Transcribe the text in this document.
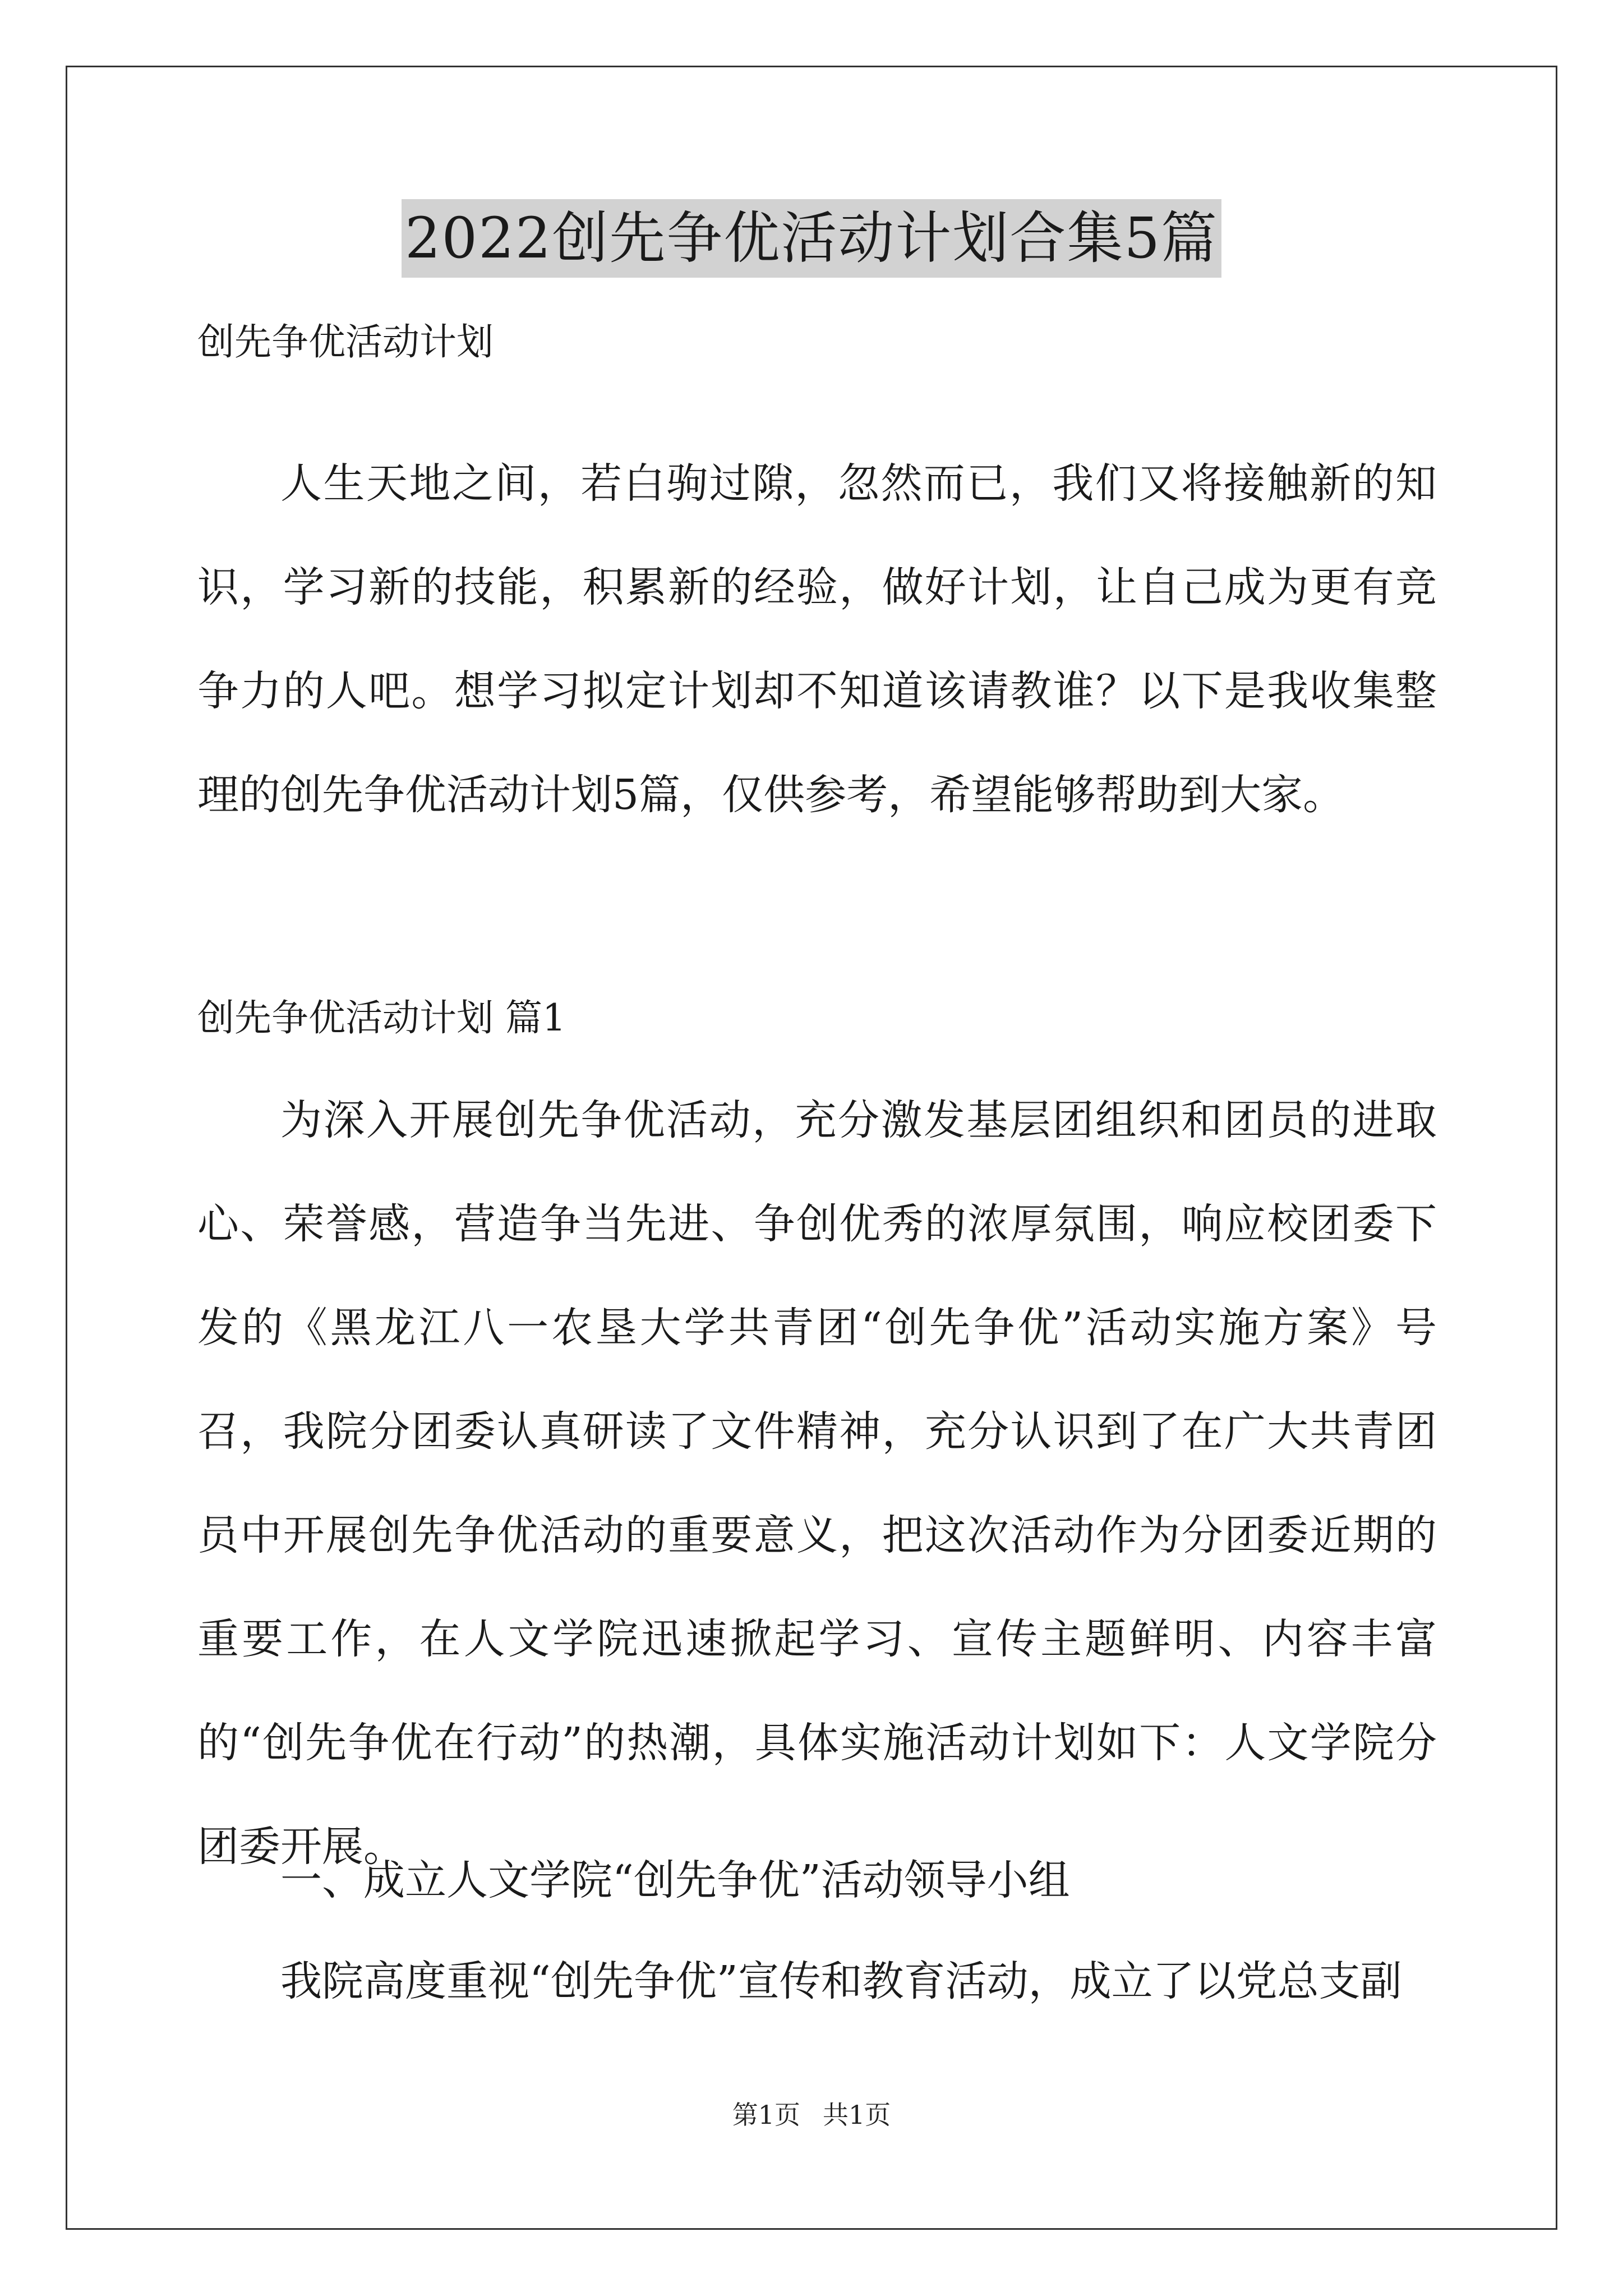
2022创先争优活动计划合集5篇
创先争优活动计划
人生天地之间，若白驹过隙，忽然而已，我们又将接触新的知识，学习新的技能，积累新的经验，做好计划，让自己成为更有竞争力的人吧。想学习拟定计划却不知道该请教谁？以下是我收集整理的创先争优活动计划5篇，仅供参考，希望能够帮助到大家。
创先争优活动计划 篇1
为深入开展创先争优活动，充分激发基层团组织和团员的进取心、荣誉感，营造争当先进、争创优秀的浓厚氛围，响应校团委下发的《黑龙江八一农垦大学共青团“创先争优”活动实施方案》号召，我院分团委认真研读了文件精神，充分认识到了在广大共青团员中开展创先争优活动的重要意义，把这次活动作为分团委近期的重要工作，在人文学院迅速掀起学习、宣传主题鲜明、内容丰富的“创先争优在行动”的热潮，具体实施活动计划如下：人文学院分团委开展。
一、成立人文学院“创先争优”活动领导小组
我院高度重视“创先争优”宣传和教育活动，成立了以党总支副
第1页 共1页
